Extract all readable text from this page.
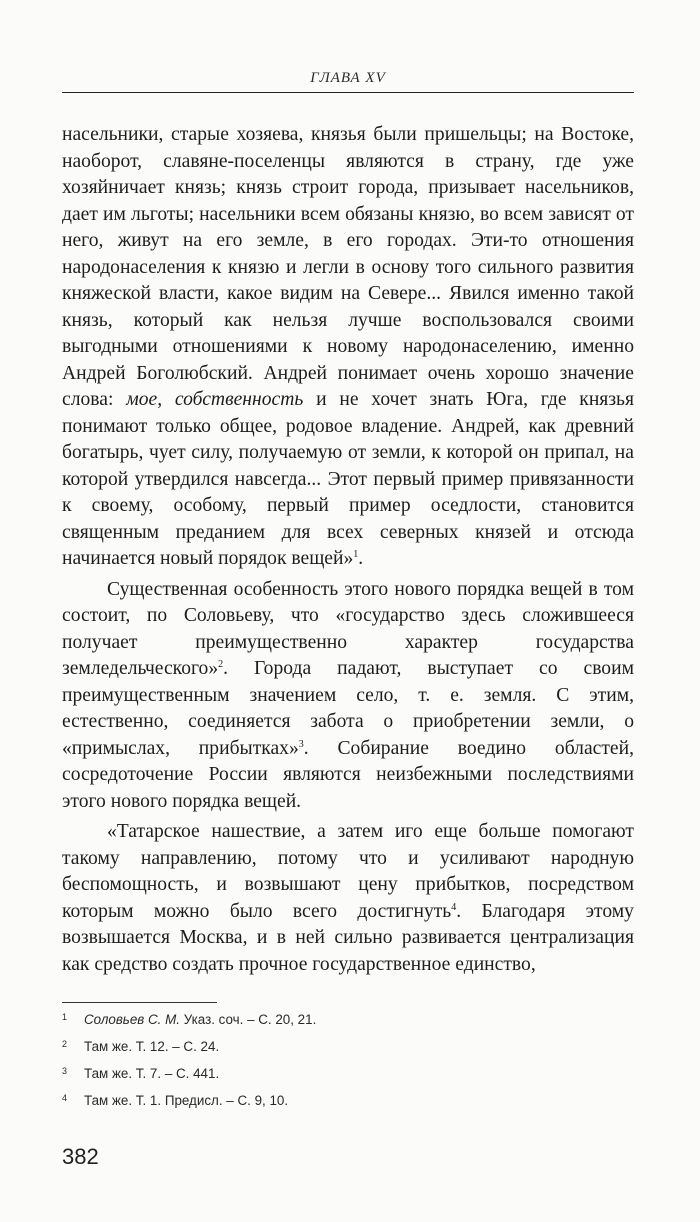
ГЛАВА XV

насельники, старые хозяева, князья были пришельцы; на Востоке, наоборот, славяне-поселенцы являются в страну, где уже хозяйничает князь; князь строит города, призывает насельников, дает им льготы; насельники всем обязаны князю, во всем зависят от него, живут на его земле, в его городах. Эти-то отношения народонаселения к князю и легли в основу того сильного развития княжеской власти, какое видим на Севере... Явился именно такой князь, который как нельзя лучше воспользовался своими выгодными отношениями к новому народонаселению, именно Андрей Боголюбский. Андрей понимает очень хорошо значение слова: мое, собственность и не хочет знать Юга, где князья понимают только общее, родовое владение. Андрей, как древний богатырь, чует силу, получаемую от земли, к которой он припал, на которой утвердился навсегда... Этот первый пример привязанности к своему, особому, первый пример оседлости, становится священным преданием для всех северных князей и отсюда начинается новый порядок вещей»$^1$.

Существенная особенность этого нового порядка вещей в том состоит, по Соловьеву, что «государство здесь сложившееся получает преимущественно характер государства земледельческого»$^2$. Города падают, выступает со своим преимущественным значением село, т. е. земля. С этим, естественно, соединяется забота о приобретении земли, о «примыслах, прибытках»$^3$. Собирание воедино областей, сосредоточение России являются неизбежными последствиями этого нового порядка вещей.

«Татарское нашествие, а затем иго еще больше помогают такому направлению, потому что и усиливают народную беспомощность, и возвышают цену прибытков, посредством которым можно было всего достигнуть$^4$. Благодаря этому возвышается Москва, и в ней сильно развивается централизация как средство создать прочное государственное единство,

1	Соловьев С. М. Указ. соч. – С. 20, 21.
2	Там же. Т. 12. – С. 24.
3	Там же. Т. 7. – С. 441.
4	Там же. Т. 1. Предисл. – С. 9, 10.
382
